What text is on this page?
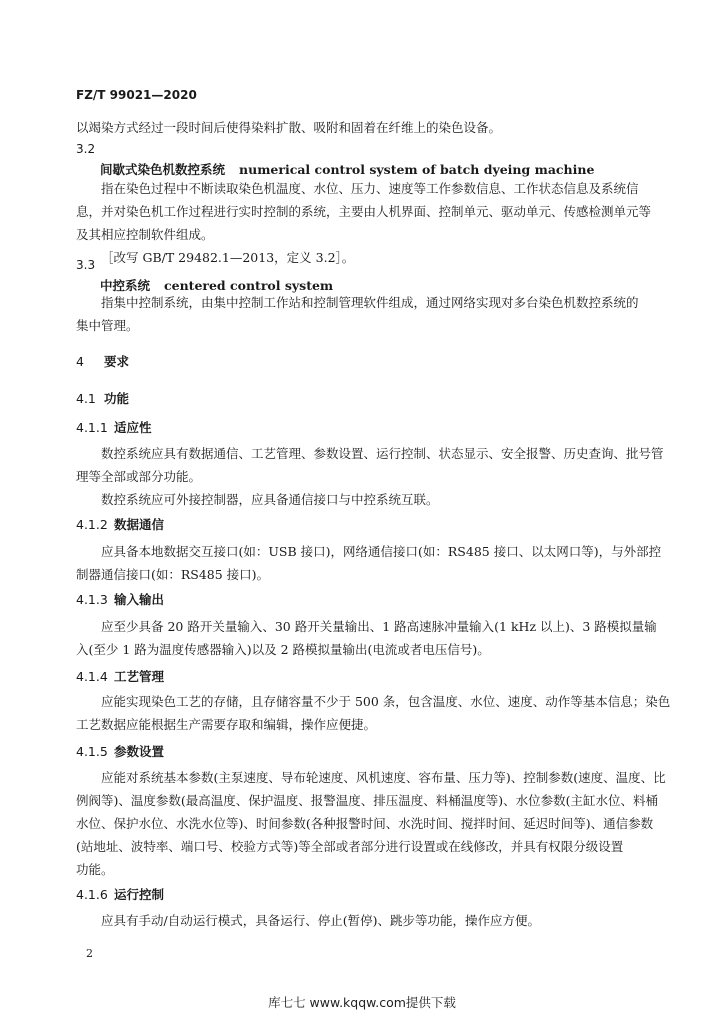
FZ/T 99021—2020
以竭染方式经过一段时间后使得染料扩散、吸附和固着在纤维上的染色设备。
3.2
间歇式染色机数控系统 numerical control system of batch dyeing machine
指在染色过程中不断读取染色机温度、水位、压力、速度等工作参数信息、工作状态信息及系统信
息，并对染色机工作过程进行实时控制的系统，主要由人机界面、控制单元、驱动单元、传感检测单元等
及其相应控制软件组成。
［改写 GB/T 29482.1—2013，定义 3.2］。
3.3
中控系统 centered control system
指集中控制系统，由集中控制工作站和控制管理软件组成，通过网络实现对多台染色机数控系统的
集中管理。
4 要求
4.1 功能
4.1.1 适应性
数控系统应具有数据通信、工艺管理、参数设置、运行控制、状态显示、安全报警、历史查询、批号管
理等全部或部分功能。
数控系统应可外接控制器，应具备通信接口与中控系统互联。
4.1.2 数据通信
应具备本地数据交互接口(如：USB 接口)，网络通信接口(如：RS485 接口、以太网口等)，与外部控
制器通信接口(如：RS485 接口)。
4.1.3 输入输出
应至少具备 20 路开关量输入、30 路开关量输出、1 路高速脉冲量输入(1 kHz 以上)、3 路模拟量输
入(至少 1 路为温度传感器输入)以及 2 路模拟量输出(电流或者电压信号)。
4.1.4 工艺管理
应能实现染色工艺的存储，且存储容量不少于 500 条，包含温度、水位、速度、动作等基本信息；染色
工艺数据应能根据生产需要存取和编辑，操作应便捷。
4.1.5 参数设置
应能对系统基本参数(主泵速度、导布轮速度、风机速度、容布量、压力等)、控制参数(速度、温度、比
例阀等)、温度参数(最高温度、保护温度、报警温度、排压温度、料桶温度等)、水位参数(主缸水位、料桶
水位、保护水位、水洗水位等)、时间参数(各种报警时间、水洗时间、搅拌时间、延迟时间等)、通信参数
(站地址、波特率、端口号、校验方式等)等全部或者部分进行设置或在线修改，并具有权限分级设置
功能。
4.1.6 运行控制
应具有手动/自动运行模式，具备运行、停止(暂停)、跳步等功能，操作应方便。
2
库七七 www.kqqw.com提供下载
